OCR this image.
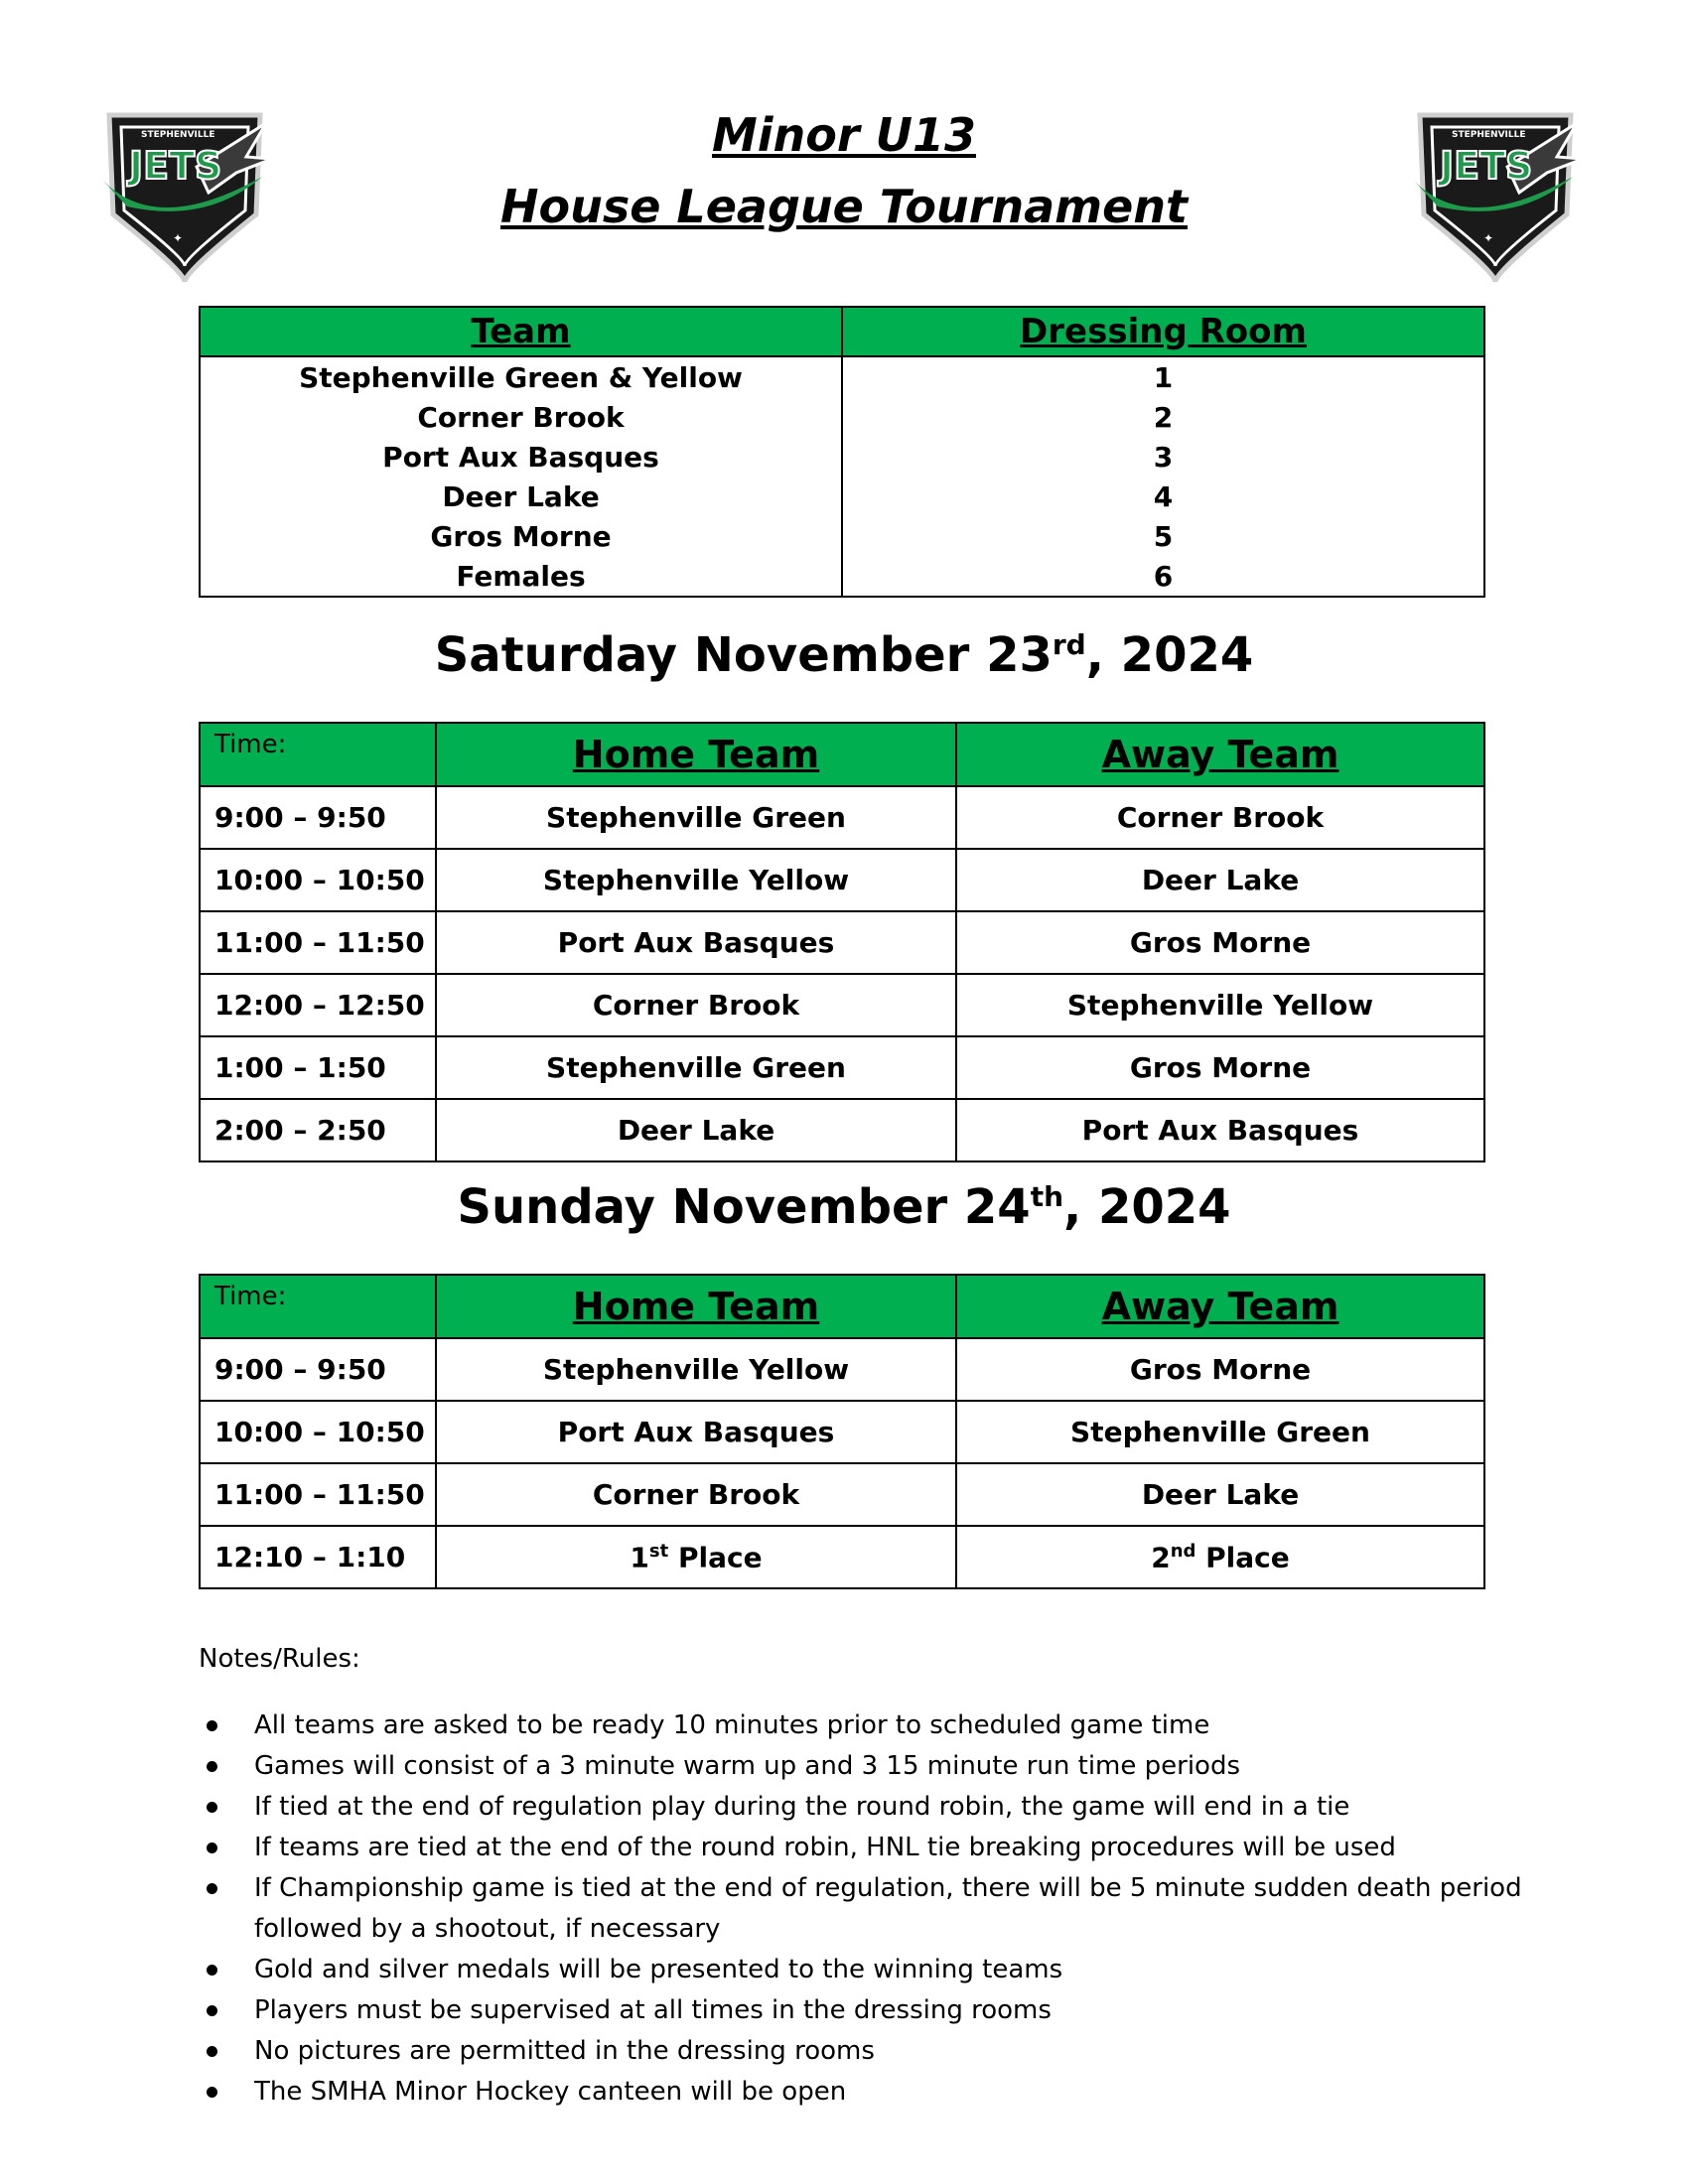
STEPHENVILLE
JETS
✦
STEPHENVILLE
JETS
✦

Minor U13

House League Tournament

Team	Dressing Room
Stephenville Green & Yellow	1
Corner Brook	2
Port Aux Basques	3
Deer Lake	4
Gros Morne	5
Females	6
Saturday November 23rd, 2024
Time:	Home Team	Away Team
9:00 – 9:50	Stephenville Green	Corner Brook
10:00 – 10:50	Stephenville Yellow	Deer Lake
11:00 – 11:50	Port Aux Basques	Gros Morne
12:00 – 12:50	Corner Brook	Stephenville Yellow
1:00 – 1:50	Stephenville Green	Gros Morne
2:00 – 2:50	Deer Lake	Port Aux Basques
Sunday November 24th, 2024
Time:	Home Team	Away Team
9:00 – 9:50	Stephenville Yellow	Gros Morne
10:00 – 10:50	Port Aux Basques	Stephenville Green
11:00 – 11:50	Corner Brook	Deer Lake
12:10 – 1:10	1st Place	2nd Place

Notes/Rules:

All teams are asked to be ready 10 minutes prior to scheduled game time
Games will consist of a 3 minute warm up and 3 15 minute run time periods
If tied at the end of regulation play during the round robin, the game will end in a tie
If teams are tied at the end of the round robin, HNL tie breaking procedures will be used
If Championship game is tied at the end of regulation, there will be 5 minute sudden death period followed by a shootout, if necessary
Gold and silver medals will be presented to the winning teams
Players must be supervised at all times in the dressing rooms
No pictures are permitted in the dressing rooms
The SMHA Minor Hockey canteen will be open
